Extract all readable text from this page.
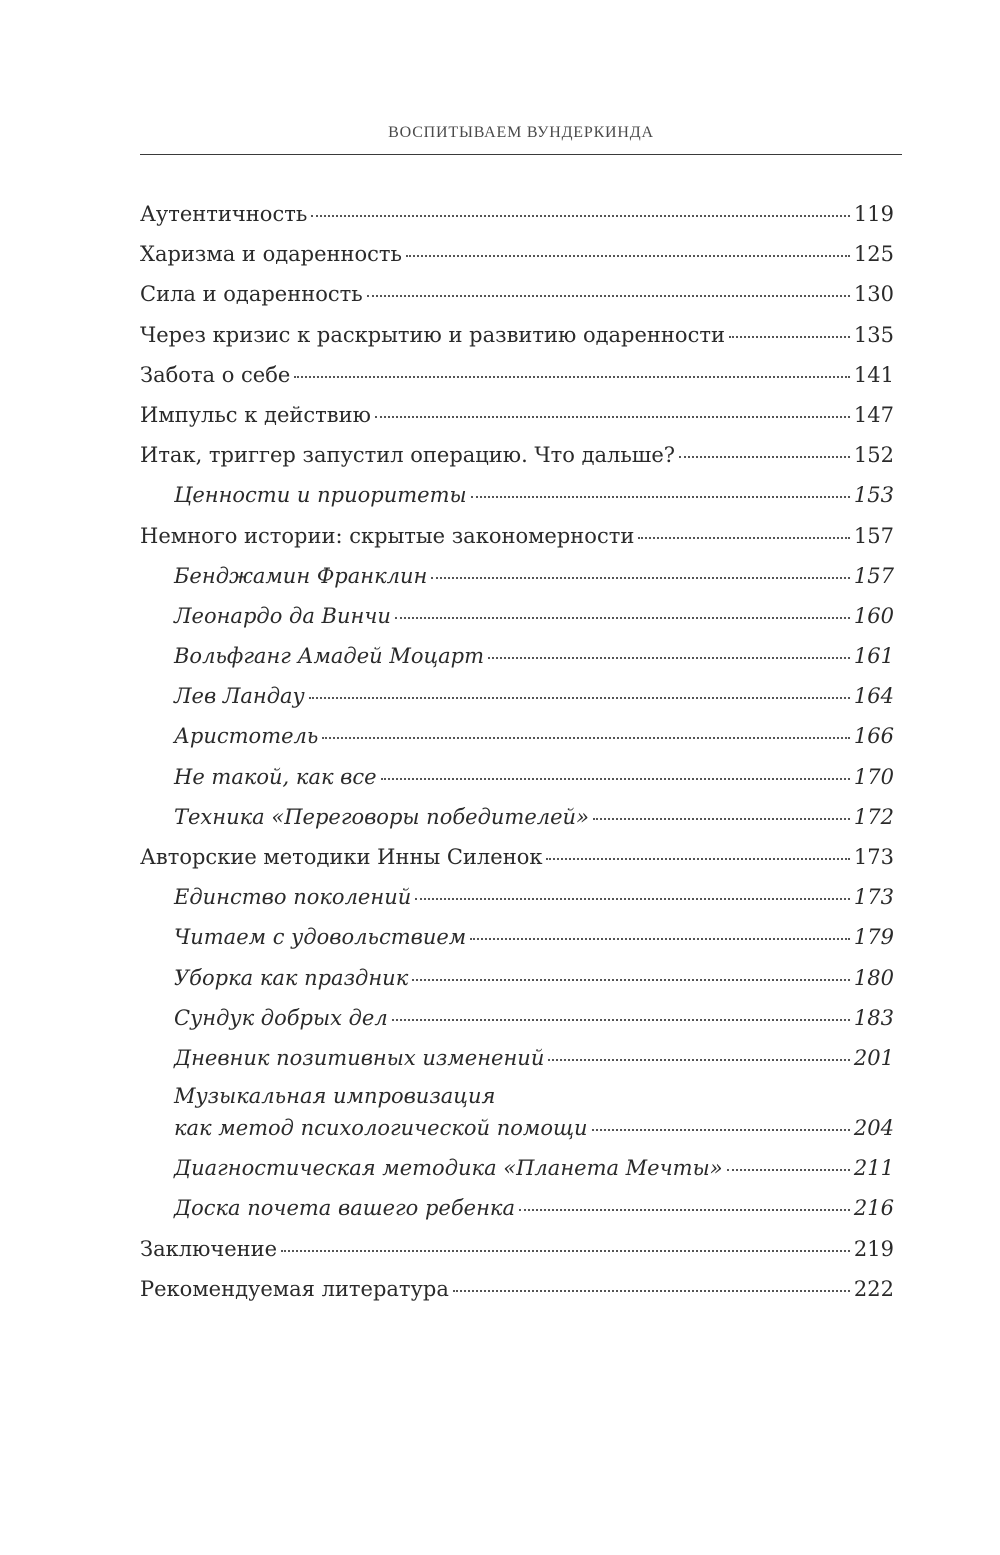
ВОСПИТЫВАЕМ ВУНДЕРКИНДА
Аутентичность	119
Харизма и одаренность	125
Сила и одаренность	130
Через кризис к раскрытию и развитию одаренности	135
Забота о себе	141
Импульс к действию	147
Итак, триггер запустил операцию. Что дальше?	152
Ценности и приоритеты	153
Немного истории: скрытые закономерности	157
Бенджамин Франклин	157
Леонардо да Винчи	160
Вольфганг Амадей Моцарт	161
Лев Ландау	164
Аристотель	166
Не такой, как все	170
Техника «Переговоры победителей»	172
Авторские методики Инны Силенок	173
Единство поколений	173
Читаем с удовольствием	179
Уборка как праздник	180
Сундук добрых дел	183
Дневник позитивных изменений	201
Музыкальная импровизация
как метод психологической помощи	204
Диагностическая методика «Планета Мечты»	211
Доска почета вашего ребенка	216
Заключение	219
Рекомендуемая литература	222
